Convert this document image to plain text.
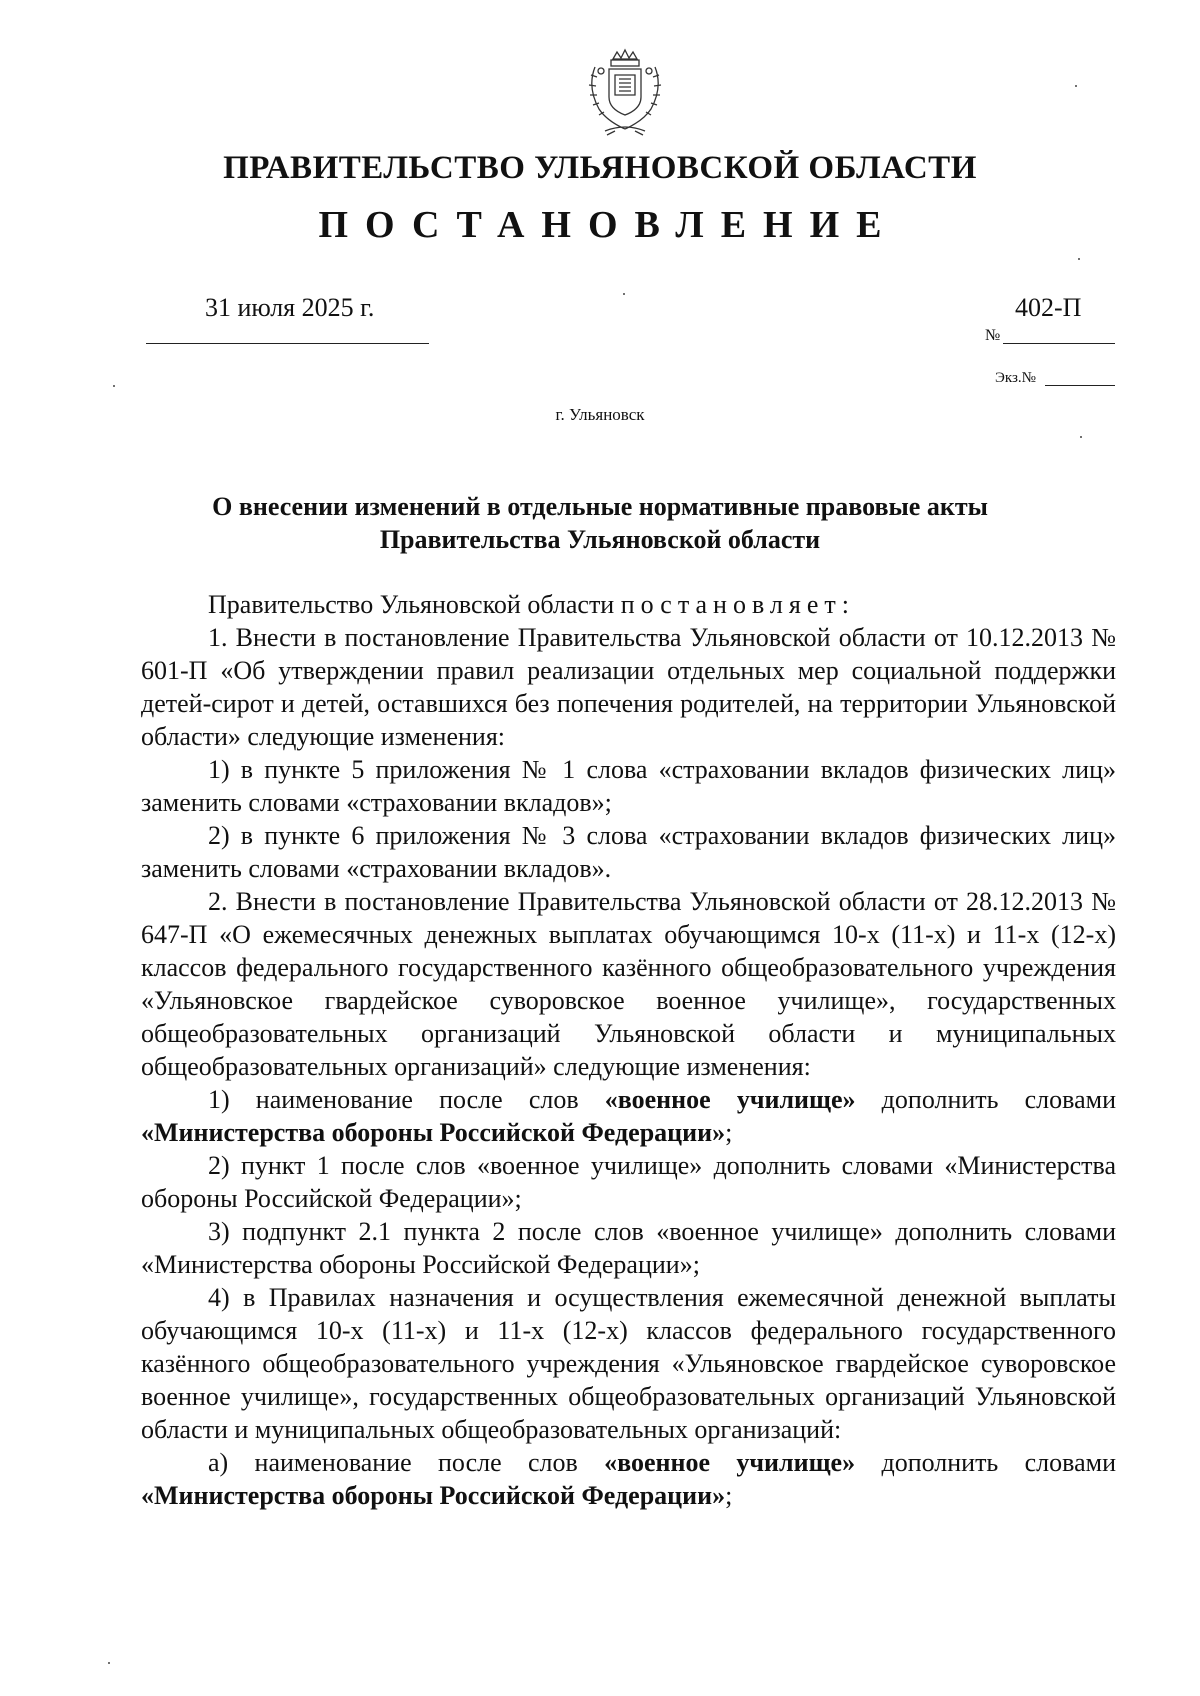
ПРАВИТЕЛЬСТВО УЛЬЯНОВСКОЙ ОБЛАСТИ
ПОСТАНОВЛЕНИЕ
31 июля 2025 г.	402-П
№
Экз.№
г. Ульяновск
О внесении изменений в отдельные нормативные правовые акты
Правительства Ульяновской области

Правительство Ульяновской области постановляет:

1. Внести в постановление Правительства Ульяновской области от 10.12.2013 № 601-П «Об утверждении правил реализации отдельных мер социальной поддержки детей-сирот и детей, оставшихся без попечения родителей, на территории Ульяновской области» следующие изменения:

1) в пункте 5 приложения № 1 слова «страховании вкладов физических лиц» заменить словами «страховании вкладов»;

2) в пункте 6 приложения № 3 слова «страховании вкладов физических лиц» заменить словами «страховании вкладов».

2. Внести в постановление Правительства Ульяновской области от 28.12.2013 № 647-П «О ежемесячных денежных выплатах обучающимся 10-х (11-х) и 11-х (12-х) классов федерального государственного казённого общеобразовательного учреждения «Ульяновское гвардейское суворовское военное училище», государственных общеобразовательных организаций Ульяновской области и муниципальных общеобразовательных организаций» следующие изменения:

1) наименование после слов «военное училище» дополнить словами «Министерства обороны Российской Федерации»;

2) пункт 1 после слов «военное училище» дополнить словами «Министерства обороны Российской Федерации»;

3) подпункт 2.1 пункта 2 после слов «военное училище» дополнить словами «Министерства обороны Российской Федерации»;

4) в Правилах назначения и осуществления ежемесячной денежной выплаты обучающимся 10-х (11-х) и 11-х (12-х) классов федерального государственного казённого общеобразовательного учреждения «Ульяновское гвардейское суворовское военное училище», государственных общеобразовательных организаций Ульяновской области и муниципальных общеобразовательных организаций:

а) наименование после слов «военное училище» дополнить словами «Министерства обороны Российской Федерации»;
